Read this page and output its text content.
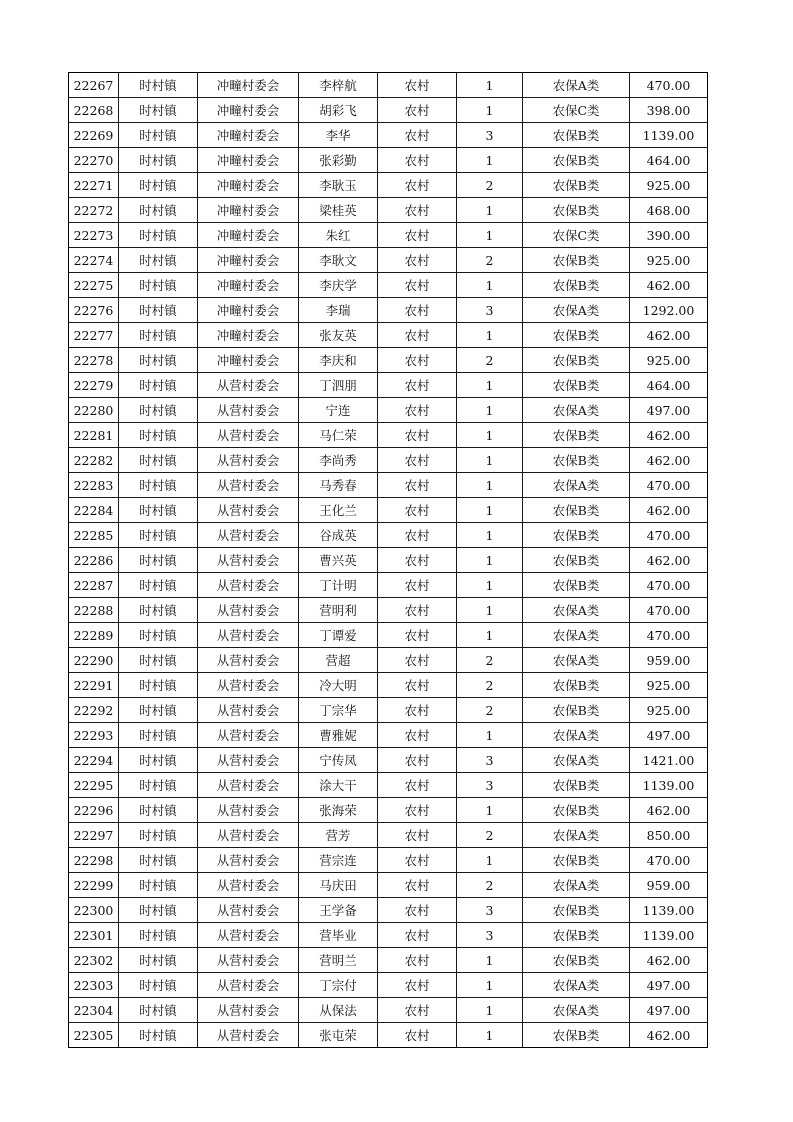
22267	时村镇	冲疃村委会	李梓航	农村	1	农保A类	470.00
22268	时村镇	冲疃村委会	胡彩飞	农村	1	农保C类	398.00
22269	时村镇	冲疃村委会	李华	农村	3	农保B类	1139.00
22270	时村镇	冲疃村委会	张彩勤	农村	1	农保B类	464.00
22271	时村镇	冲疃村委会	李耿玉	农村	2	农保B类	925.00
22272	时村镇	冲疃村委会	梁桂英	农村	1	农保B类	468.00
22273	时村镇	冲疃村委会	朱红	农村	1	农保C类	390.00
22274	时村镇	冲疃村委会	李耿文	农村	2	农保B类	925.00
22275	时村镇	冲疃村委会	李庆学	农村	1	农保B类	462.00
22276	时村镇	冲疃村委会	李瑞	农村	3	农保A类	1292.00
22277	时村镇	冲疃村委会	张友英	农村	1	农保B类	462.00
22278	时村镇	冲疃村委会	李庆和	农村	2	农保B类	925.00
22279	时村镇	从营村委会	丁泗朋	农村	1	农保B类	464.00
22280	时村镇	从营村委会	宁连	农村	1	农保A类	497.00
22281	时村镇	从营村委会	马仁荣	农村	1	农保B类	462.00
22282	时村镇	从营村委会	李尚秀	农村	1	农保B类	462.00
22283	时村镇	从营村委会	马秀春	农村	1	农保A类	470.00
22284	时村镇	从营村委会	王化兰	农村	1	农保B类	462.00
22285	时村镇	从营村委会	谷成英	农村	1	农保B类	470.00
22286	时村镇	从营村委会	曹兴英	农村	1	农保B类	462.00
22287	时村镇	从营村委会	丁计明	农村	1	农保B类	470.00
22288	时村镇	从营村委会	营明利	农村	1	农保A类	470.00
22289	时村镇	从营村委会	丁谭爱	农村	1	农保A类	470.00
22290	时村镇	从营村委会	营超	农村	2	农保A类	959.00
22291	时村镇	从营村委会	冷大明	农村	2	农保B类	925.00
22292	时村镇	从营村委会	丁宗华	农村	2	农保B类	925.00
22293	时村镇	从营村委会	曹雅妮	农村	1	农保A类	497.00
22294	时村镇	从营村委会	宁传凤	农村	3	农保A类	1421.00
22295	时村镇	从营村委会	涂大干	农村	3	农保B类	1139.00
22296	时村镇	从营村委会	张海荣	农村	1	农保B类	462.00
22297	时村镇	从营村委会	营芳	农村	2	农保A类	850.00
22298	时村镇	从营村委会	营宗连	农村	1	农保B类	470.00
22299	时村镇	从营村委会	马庆田	农村	2	农保A类	959.00
22300	时村镇	从营村委会	王学备	农村	3	农保B类	1139.00
22301	时村镇	从营村委会	营毕业	农村	3	农保B类	1139.00
22302	时村镇	从营村委会	营明兰	农村	1	农保B类	462.00
22303	时村镇	从营村委会	丁宗付	农村	1	农保A类	497.00
22304	时村镇	从营村委会	从保法	农村	1	农保A类	497.00
22305	时村镇	从营村委会	张屯荣	农村	1	农保B类	462.00
